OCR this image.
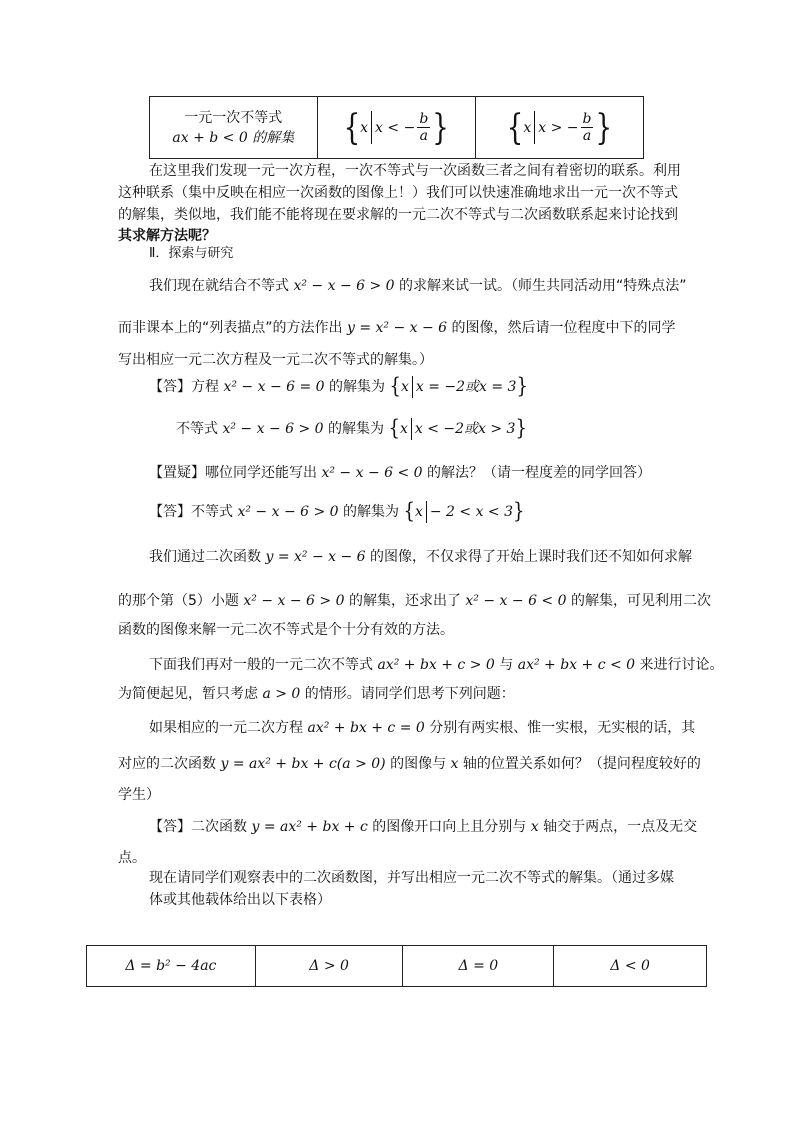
一元一次不等式
ax + b < 0 的解集	{ x x < − $\frac{b}{a}$ }	{ x x > − $\frac{b}{a}$ }
在这里我们发现一元一次方程，一次不等式与一次函数三者之间有着密切的联系。利用
这种联系（集中反映在相应一次函数的图像上！）我们可以快速准确地求出一元一次不等式
的解集，类似地，我们能不能将现在要求解的一元二次不等式与二次函数联系起来讨论找到
其求解方法呢？
Ⅱ．探索与研究
我们现在就结合不等式 x² − x − 6 > 0 的求解来试一试。（师生共同活动用“特殊点法”
而非课本上的“列表描点”的方法作出 y = x² − x − 6 的图像，然后请一位程度中下的同学
写出相应一元二次方程及一元二次不等式的解集。）
【答】方程 x² − x − 6 = 0 的解集为 { x x = −2或x = 3 }
不等式 x² − x − 6 > 0 的解集为 { x x < −2或x > 3 }
【置疑】哪位同学还能写出 x² − x − 6 < 0 的解法？（请一程度差的同学回答）
【答】不等式 x² − x − 6 > 0 的解集为 { x − 2 < x < 3 }
我们通过二次函数 y = x² − x − 6 的图像，不仅求得了开始上课时我们还不知如何求解
的那个第（5）小题 x² − x − 6 > 0 的解集，还求出了 x² − x − 6 < 0 的解集，可见利用二次
函数的图像来解一元二次不等式是个十分有效的方法。
下面我们再对一般的一元二次不等式 ax² + bx + c > 0 与 ax² + bx + c < 0 来进行讨论。
为简便起见，暂只考虑 a > 0 的情形。请同学们思考下列问题：
如果相应的一元二次方程 ax² + bx + c = 0 分别有两实根、惟一实根，无实根的话，其
对应的二次函数 y = ax² + bx + c(a > 0) 的图像与 x 轴的位置关系如何？（提问程度较好的
学生）
【答】二次函数 y = ax² + bx + c 的图像开口向上且分别与 x 轴交于两点，一点及无交
点。
现在请同学们观察表中的二次函数图，并写出相应一元二次不等式的解集。（通过多媒
体或其他载体给出以下表格）
Δ = b² − 4ac	Δ > 0	Δ = 0	Δ < 0
